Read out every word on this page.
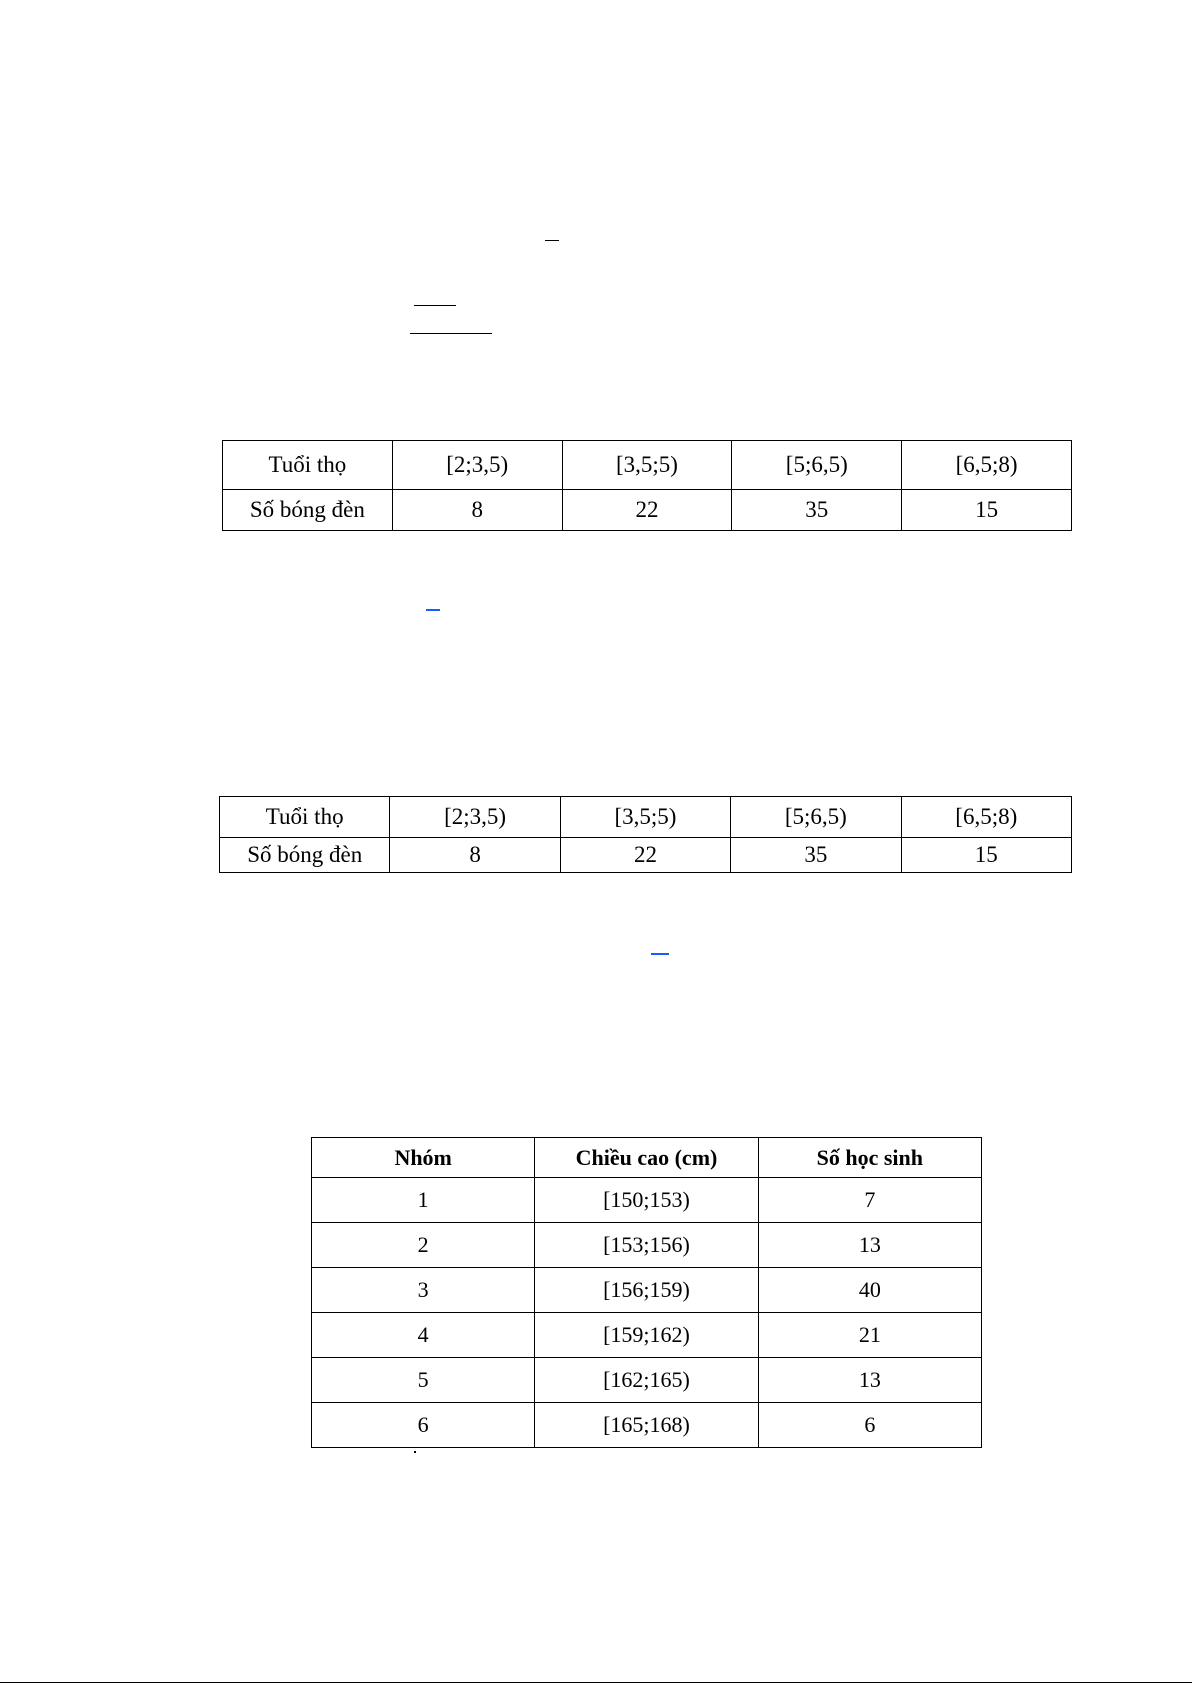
Tuổi thọ	[2;3,5)	[3,5;5)	[5;6,5)	[6,5;8)
Số bóng đèn	8	22	35	15
Tuổi thọ	[2;3,5)	[3,5;5)	[5;6,5)	[6,5;8)
Số bóng đèn	8	22	35	15
Nhóm	Chiều cao (cm)	Số học sinh
1	[150;153)	7
2	[153;156)	13
3	[156;159)	40
4	[159;162)	21
5	[162;165)	13
6	[165;168)	6
